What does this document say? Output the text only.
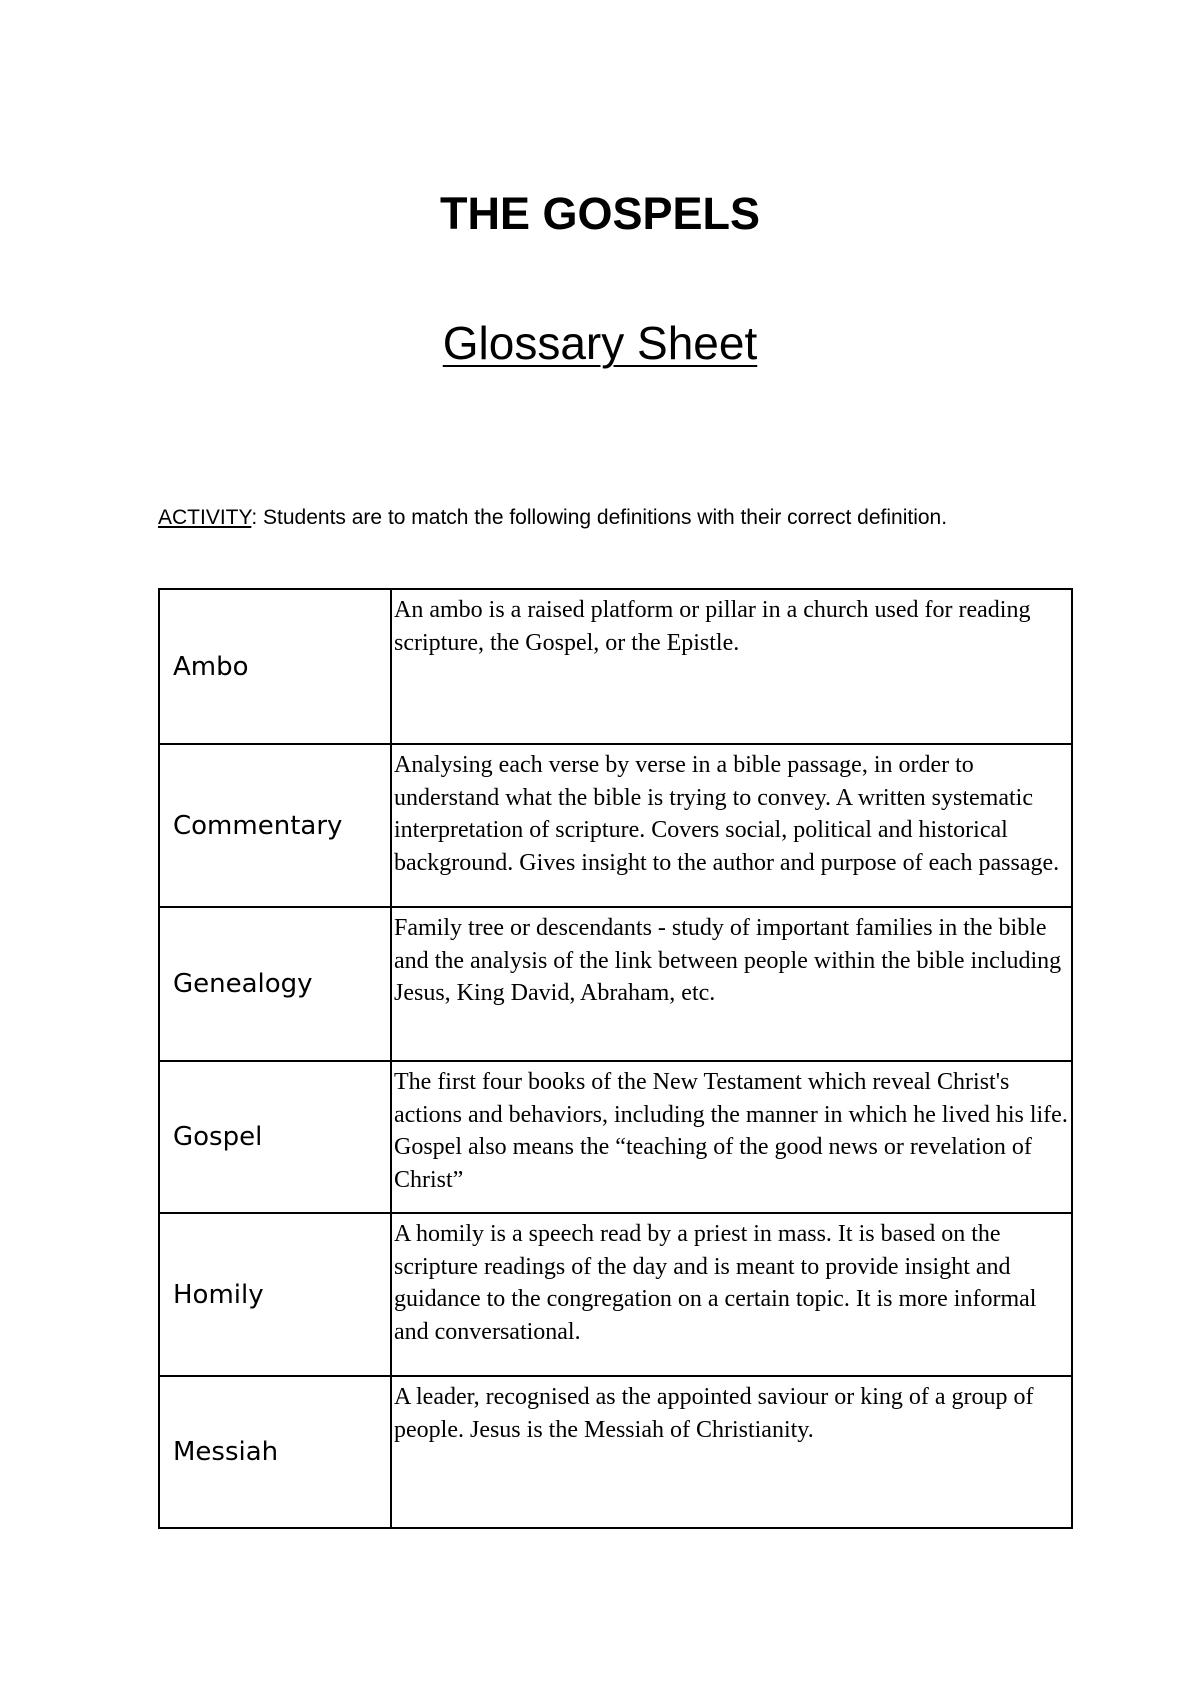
THE GOSPELS
Glossary Sheet

ACTIVITY: Students are to match the following definitions with their correct definition.

Ambo	An ambo is a raised platform or pillar in a church used for reading scripture, the Gospel, or the Epistle.
Commentary	Analysing each verse by verse in a bible passage, in order to understand what the bible is trying to convey. A written systematic interpretation of scripture. Covers social, political and historical background. Gives insight to the author and purpose of each passage.
Genealogy	Family tree or descendants - study of important families in the bible and the analysis of the link between people within the bible including Jesus, King David, Abraham, etc.
Gospel	The first four books of the New Testament which reveal Christ's actions and behaviors, including the manner in which he lived his life. Gospel also means the “teaching of the good news or revelation of Christ”
Homily	A homily is a speech read by a priest in mass. It is based on the scripture readings of the day and is meant to provide insight and guidance to the congregation on a certain topic. It is more informal and conversational.
Messiah	A leader, recognised as the appointed saviour or king of a group of people. Jesus is the Messiah of Christianity.
